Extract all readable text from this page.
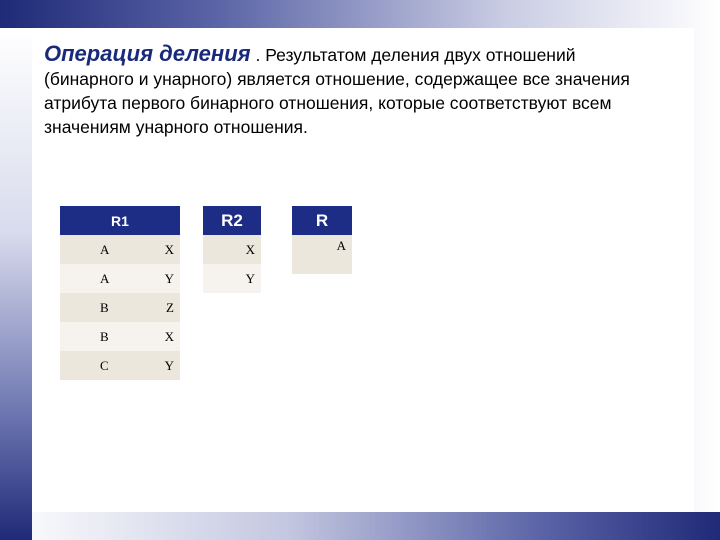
Операция деления . Результатом деления двух отношений (бинарного и унарного) является отношение, содержащее все значения атрибута первого бинарного отношения, которые соответствуют всем значениям унарного отношения.
R1	
A	X
A	Y
B	Z
B	X
C	Y
R2
X
Y
R
A
